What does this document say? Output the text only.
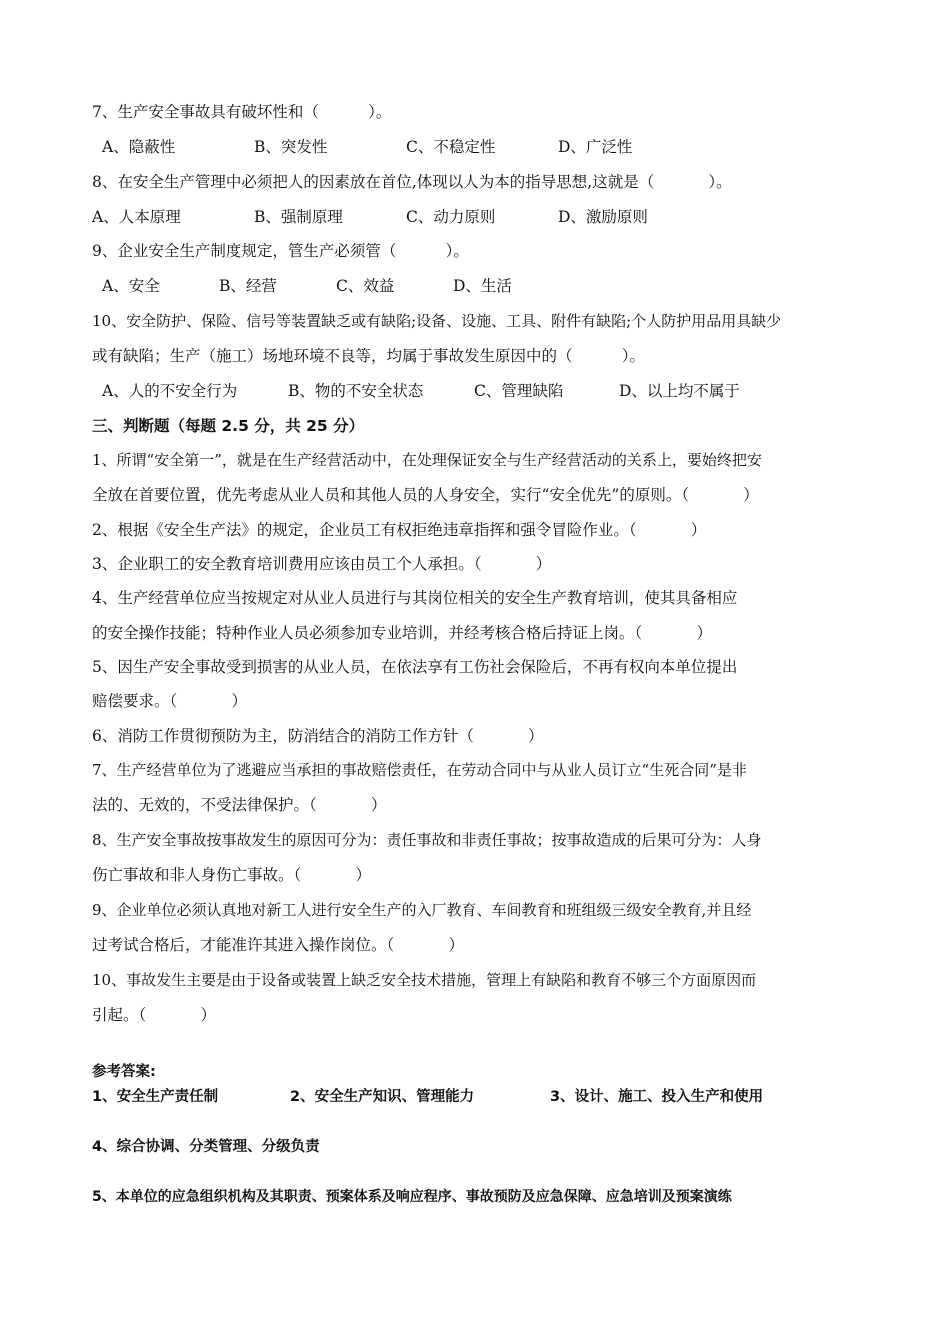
7、生产安全事故具有破坏性和（          ）。
A、隐蔽性	B、突发性	C、不稳定性	D、广泛性
8、在安全生产管理中必须把人的因素放在首位,体现以人为本的指导思想,这就是（           ）。
A、人本原理	B、强制原理	C、动力原则	D、激励原则
9、企业安全生产制度规定，管生产必须管（          ）。
A、安全	B、经营	C、效益	D、生活
10、安全防护、保险、信号等装置缺乏或有缺陷;设备、设施、工具、附件有缺陷;个人防护用品用具缺少
或有缺陷；生产（施工）场地环境不良等，均属于事故发生原因中的（          ）。
A、人的不安全行为	B、物的不安全状态	C、管理缺陷	D、以上均不属于
三、判断题（每题 2.5 分，共 25 分）
1、所谓“安全第一”，就是在生产经营活动中，在处理保证安全与生产经营活动的关系上，要始终把安
全放在首要位置，优先考虑从业人员和其他人员的人身安全，实行“安全优先”的原则。（           ）
2、根据《安全生产法》的规定，企业员工有权拒绝违章指挥和强令冒险作业。（           ）
3、企业职工的安全教育培训费用应该由员工个人承担。（           ）
4、生产经营单位应当按规定对从业人员进行与其岗位相关的安全生产教育培训，使其具备相应
的安全操作技能；特种作业人员必须参加专业培训，并经考核合格后持证上岗。（           ）
5、因生产安全事故受到损害的从业人员，在依法享有工伤社会保险后，不再有权向本单位提出
赔偿要求。（           ）
6、消防工作贯彻预防为主，防消结合的消防工作方针（           ）
7、生产经营单位为了逃避应当承担的事故赔偿责任，在劳动合同中与从业人员订立“生死合同”是非
法的、无效的，不受法律保护。（           ）
8、生产安全事故按事故发生的原因可分为：责任事故和非责任事故；按事故造成的后果可分为：人身
伤亡事故和非人身伤亡事故。（           ）
9、企业单位必须认真地对新工人进行安全生产的入厂教育、车间教育和班组级三级安全教育,并且经
过考试合格后，才能准许其进入操作岗位。（           ）
10、事故发生主要是由于设备或装置上缺乏安全技术措施，管理上有缺陷和教育不够三个方面原因而
引起。（           ）
参考答案:
1、安全生产责任制	2、安全生产知识、管理能力	3、设计、施工、投入生产和使用
4、综合协调、分类管理、分级负责
5、本单位的应急组织机构及其职责、预案体系及响应程序、事故预防及应急保障、应急培训及预案演练
